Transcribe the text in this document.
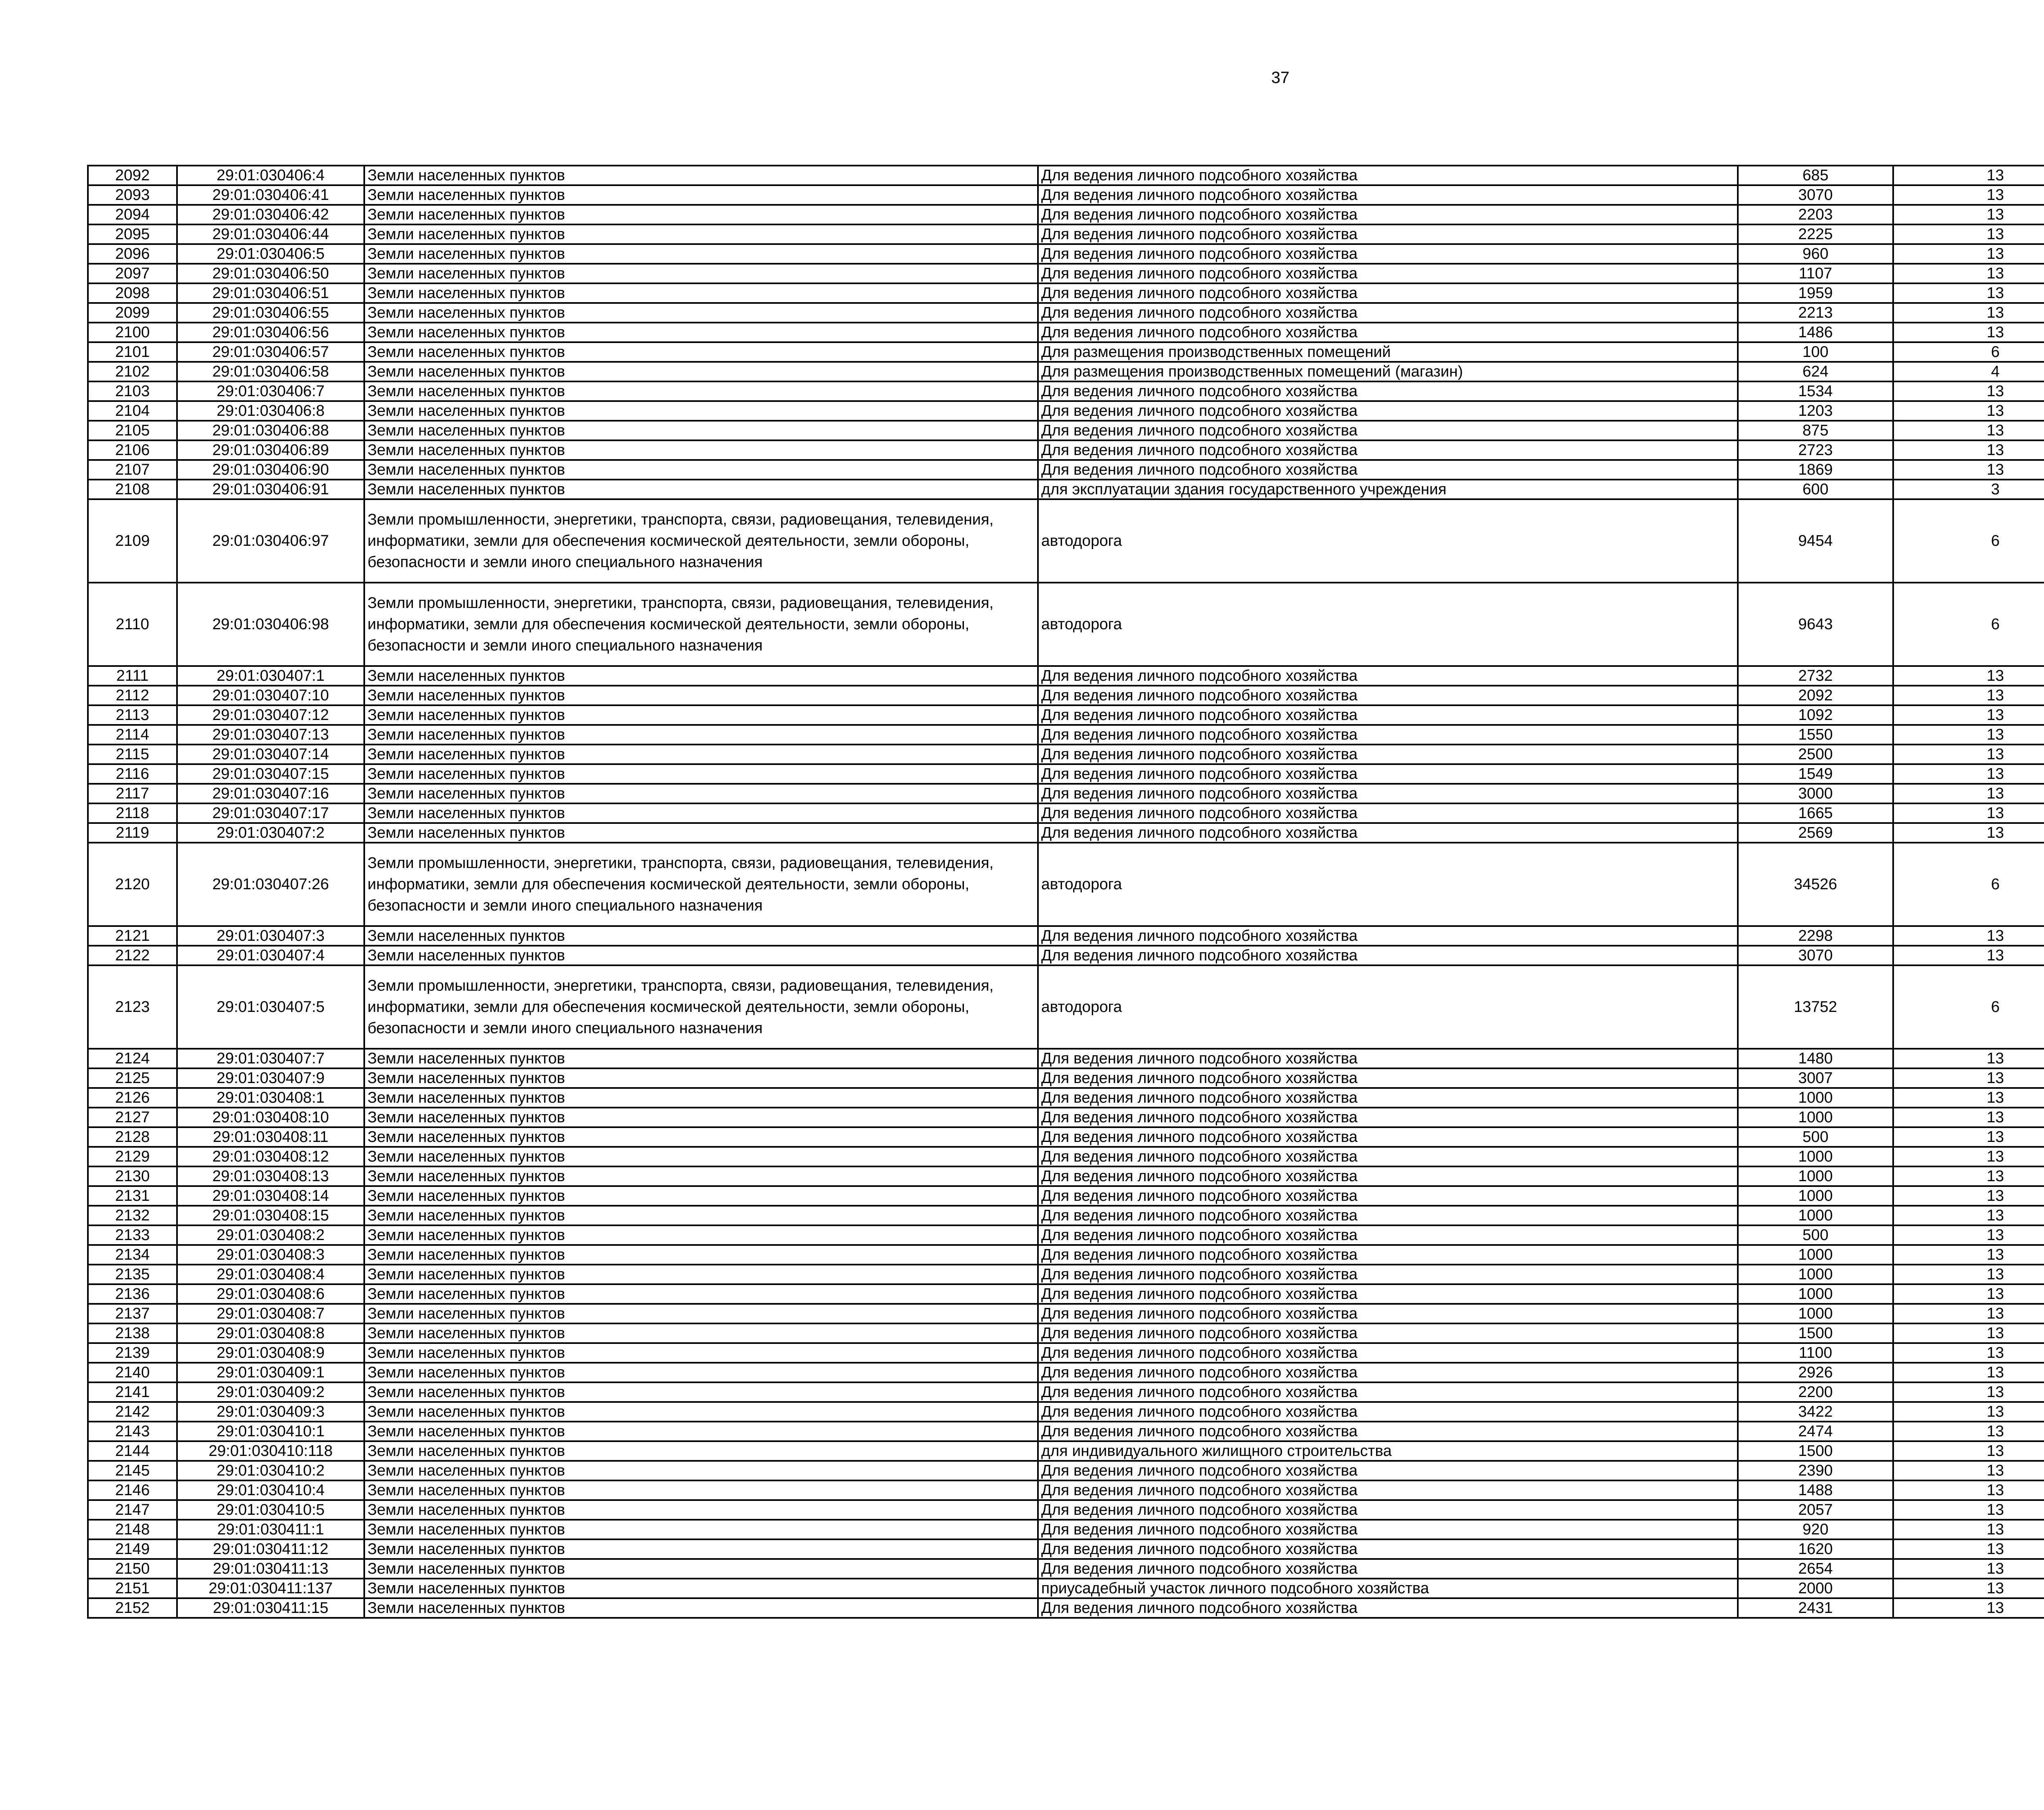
37
2092	29:01:030406:4	Земли населенных пунктов	Для ведения личного подсобного хозяйства	685	13		
2093	29:01:030406:41	Земли населенных пунктов	Для ведения личного подсобного хозяйства	3070	13		
2094	29:01:030406:42	Земли населенных пунктов	Для ведения личного подсобного хозяйства	2203	13		
2095	29:01:030406:44	Земли населенных пунктов	Для ведения личного подсобного хозяйства	2225	13		
2096	29:01:030406:5	Земли населенных пунктов	Для ведения личного подсобного хозяйства	960	13		
2097	29:01:030406:50	Земли населенных пунктов	Для ведения личного подсобного хозяйства	1107	13		
2098	29:01:030406:51	Земли населенных пунктов	Для ведения личного подсобного хозяйства	1959	13		
2099	29:01:030406:55	Земли населенных пунктов	Для ведения личного подсобного хозяйства	2213	13		
2100	29:01:030406:56	Земли населенных пунктов	Для ведения личного подсобного хозяйства	1486	13		
2101	29:01:030406:57	Земли населенных пунктов	Для размещения производственных помещений	100	6		
2102	29:01:030406:58	Земли населенных пунктов	Для размещения производственных помещений (магазин)	624	4		
2103	29:01:030406:7	Земли населенных пунктов	Для ведения личного подсобного хозяйства	1534	13		
2104	29:01:030406:8	Земли населенных пунктов	Для ведения личного подсобного хозяйства	1203	13		
2105	29:01:030406:88	Земли населенных пунктов	Для ведения личного подсобного хозяйства	875	13		
2106	29:01:030406:89	Земли населенных пунктов	Для ведения личного подсобного хозяйства	2723	13		
2107	29:01:030406:90	Земли населенных пунктов	Для ведения личного подсобного хозяйства	1869	13		
2108	29:01:030406:91	Земли населенных пунктов	для эксплуатации здания государственного учреждения	600	3		
2109	29:01:030406:97	Земли промышленности, энергетики, транспорта, связи, радиовещания, телевидения, информатики, земли для обеспечения космической деятельности, земли обороны, безопасности и земли иного специального назначения	автодорога	9454	6		
2110	29:01:030406:98	Земли промышленности, энергетики, транспорта, связи, радиовещания, телевидения, информатики, земли для обеспечения космической деятельности, земли обороны, безопасности и земли иного специального назначения	автодорога	9643	6		
2111	29:01:030407:1	Земли населенных пунктов	Для ведения личного подсобного хозяйства	2732	13		
2112	29:01:030407:10	Земли населенных пунктов	Для ведения личного подсобного хозяйства	2092	13		
2113	29:01:030407:12	Земли населенных пунктов	Для ведения личного подсобного хозяйства	1092	13		
2114	29:01:030407:13	Земли населенных пунктов	Для ведения личного подсобного хозяйства	1550	13		
2115	29:01:030407:14	Земли населенных пунктов	Для ведения личного подсобного хозяйства	2500	13		
2116	29:01:030407:15	Земли населенных пунктов	Для ведения личного подсобного хозяйства	1549	13		
2117	29:01:030407:16	Земли населенных пунктов	Для ведения личного подсобного хозяйства	3000	13		
2118	29:01:030407:17	Земли населенных пунктов	Для ведения личного подсобного хозяйства	1665	13		
2119	29:01:030407:2	Земли населенных пунктов	Для ведения личного подсобного хозяйства	2569	13		
2120	29:01:030407:26	Земли промышленности, энергетики, транспорта, связи, радиовещания, телевидения, информатики, земли для обеспечения космической деятельности, земли обороны, безопасности и земли иного специального назначения	автодорога	34526	6		
2121	29:01:030407:3	Земли населенных пунктов	Для ведения личного подсобного хозяйства	2298	13		
2122	29:01:030407:4	Земли населенных пунктов	Для ведения личного подсобного хозяйства	3070	13		
2123	29:01:030407:5	Земли промышленности, энергетики, транспорта, связи, радиовещания, телевидения, информатики, земли для обеспечения космической деятельности, земли обороны, безопасности и земли иного специального назначения	автодорога	13752	6		
2124	29:01:030407:7	Земли населенных пунктов	Для ведения личного подсобного хозяйства	1480	13		
2125	29:01:030407:9	Земли населенных пунктов	Для ведения личного подсобного хозяйства	3007	13		
2126	29:01:030408:1	Земли населенных пунктов	Для ведения личного подсобного хозяйства	1000	13		
2127	29:01:030408:10	Земли населенных пунктов	Для ведения личного подсобного хозяйства	1000	13		
2128	29:01:030408:11	Земли населенных пунктов	Для ведения личного подсобного хозяйства	500	13		
2129	29:01:030408:12	Земли населенных пунктов	Для ведения личного подсобного хозяйства	1000	13		
2130	29:01:030408:13	Земли населенных пунктов	Для ведения личного подсобного хозяйства	1000	13		
2131	29:01:030408:14	Земли населенных пунктов	Для ведения личного подсобного хозяйства	1000	13		
2132	29:01:030408:15	Земли населенных пунктов	Для ведения личного подсобного хозяйства	1000	13		
2133	29:01:030408:2	Земли населенных пунктов	Для ведения личного подсобного хозяйства	500	13		
2134	29:01:030408:3	Земли населенных пунктов	Для ведения личного подсобного хозяйства	1000	13		
2135	29:01:030408:4	Земли населенных пунктов	Для ведения личного подсобного хозяйства	1000	13		
2136	29:01:030408:6	Земли населенных пунктов	Для ведения личного подсобного хозяйства	1000	13		
2137	29:01:030408:7	Земли населенных пунктов	Для ведения личного подсобного хозяйства	1000	13		
2138	29:01:030408:8	Земли населенных пунктов	Для ведения личного подсобного хозяйства	1500	13		
2139	29:01:030408:9	Земли населенных пунктов	Для ведения личного подсобного хозяйства	1100	13		
2140	29:01:030409:1	Земли населенных пунктов	Для ведения личного подсобного хозяйства	2926	13		
2141	29:01:030409:2	Земли населенных пунктов	Для ведения личного подсобного хозяйства	2200	13		
2142	29:01:030409:3	Земли населенных пунктов	Для ведения личного подсобного хозяйства	3422	13		
2143	29:01:030410:1	Земли населенных пунктов	Для ведения личного подсобного хозяйства	2474	13		
2144	29:01:030410:118	Земли населенных пунктов	для индивидуального жилищного строительства	1500	13		
2145	29:01:030410:2	Земли населенных пунктов	Для ведения личного подсобного хозяйства	2390	13		
2146	29:01:030410:4	Земли населенных пунктов	Для ведения личного подсобного хозяйства	1488	13		
2147	29:01:030410:5	Земли населенных пунктов	Для ведения личного подсобного хозяйства	2057	13		
2148	29:01:030411:1	Земли населенных пунктов	Для ведения личного подсобного хозяйства	920	13		
2149	29:01:030411:12	Земли населенных пунктов	Для ведения личного подсобного хозяйства	1620	13		
2150	29:01:030411:13	Земли населенных пунктов	Для ведения личного подсобного хозяйства	2654	13		
2151	29:01:030411:137	Земли населенных пунктов	приусадебный участок личного подсобного хозяйства	2000	13		
2152	29:01:030411:15	Земли населенных пунктов	Для ведения личного подсобного хозяйства	2431	13		
